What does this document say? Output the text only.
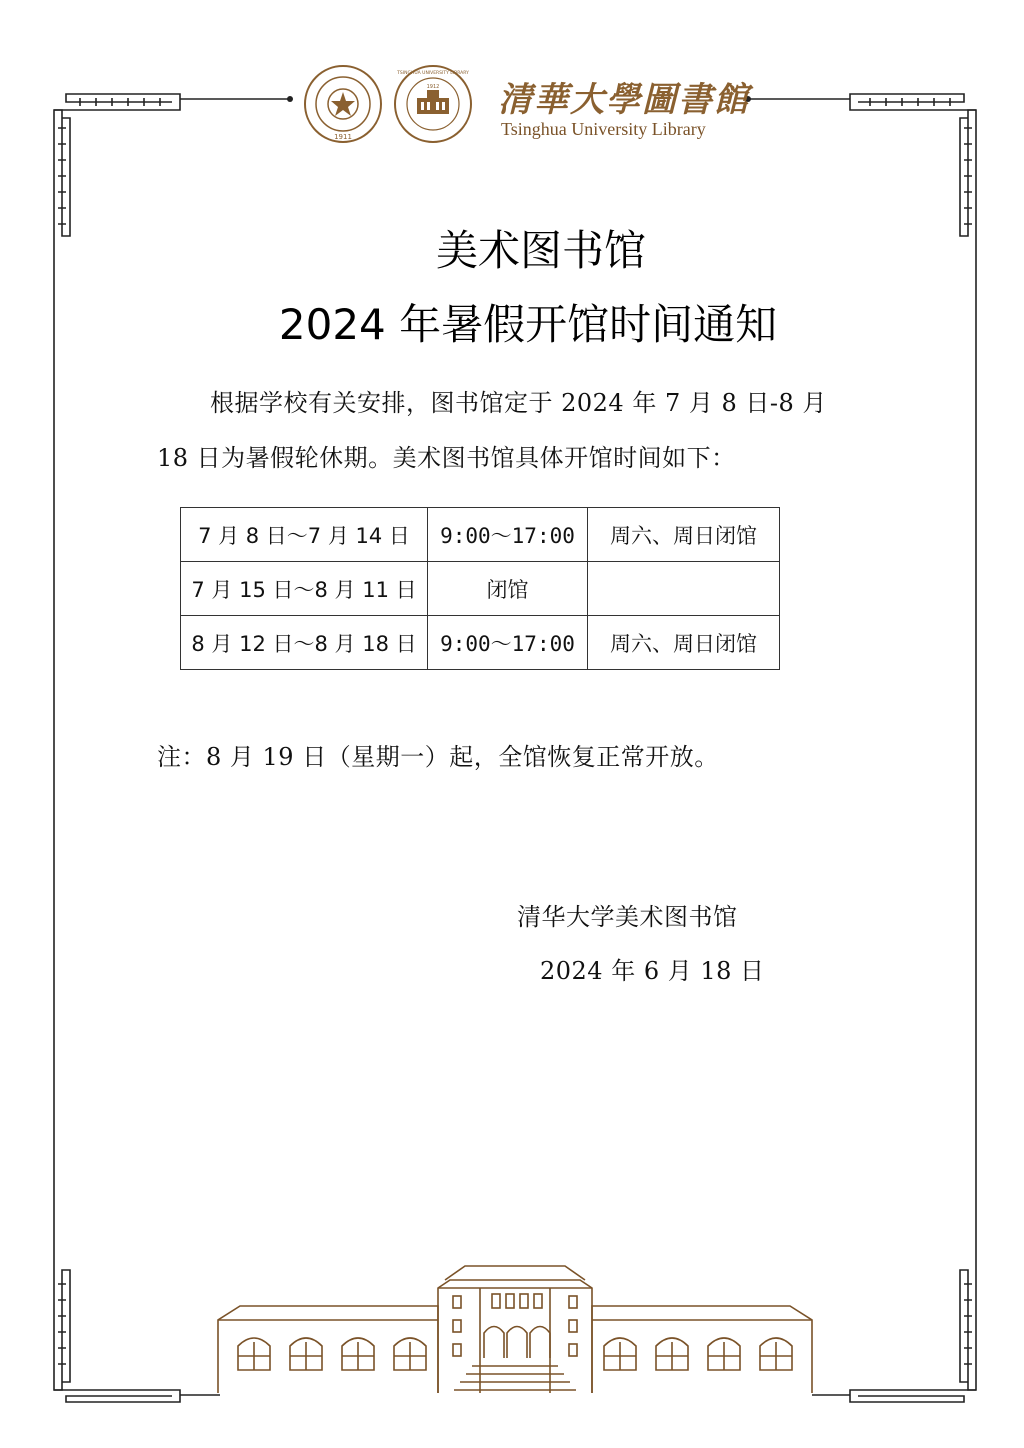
1911
1912
TSINGHUA UNIVERSITY LIBRARY
清華大學圖書館
Tsinghua University Library
美术图书馆
2024 年暑假开馆时间通知
根据学校有关安排，图书馆定于 2024 年 7 月 8 日-8 月
18 日为暑假轮休期。美术图书馆具体开馆时间如下：
7 月 8 日～7 月 14 日	9:00～17:00	周六、周日闭馆
7 月 15 日～8 月 11 日	闭馆	
8 月 12 日～8 月 18 日	9:00～17:00	周六、周日闭馆
注：8 月 19 日（星期一）起，全馆恢复正常开放。
清华大学美术图书馆
2024 年 6 月 18 日
